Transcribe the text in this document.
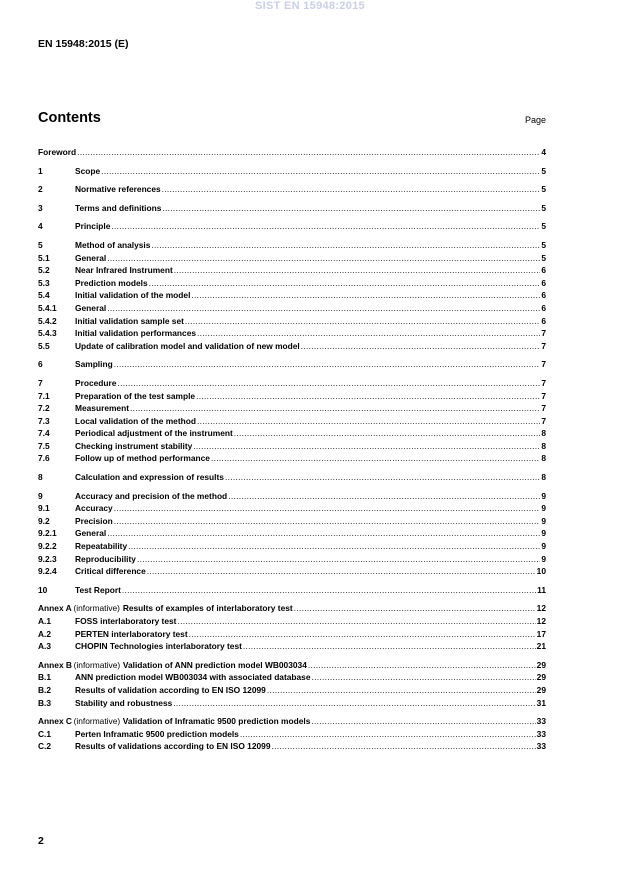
SIST EN 15948:2015
EN 15948:2015 (E)
Contents	Page
Foreword .....	4
1	Scope .....	5
2	Normative references .....	5
3	Terms and definitions .....	5
4	Principle .....	5
5	Method of analysis .....	5
5.1	General .....	5
5.2	Near Infrared Instrument .....	6
5.3	Prediction models .....	6
5.4	Initial validation of the model .....	6
5.4.1	General .....	6
5.4.2	Initial validation sample set .....	6
5.4.3	Initial validation performances .....	7
5.5	Update of calibration model and validation of new model .....	7
6	Sampling .....	7
7	Procedure .....	7
7.1	Preparation of the test sample .....	7
7.2	Measurement .....	7
7.3	Local validation of the method .....	7
7.4	Periodical adjustment of the instrument .....	8
7.5	Checking instrument stability .....	8
7.6	Follow up of method performance .....	8
8	Calculation and expression of results .....	8
9	Accuracy and precision of the method .....	9
9.1	Accuracy .....	9
9.2	Precision .....	9
9.2.1	General .....	9
9.2.2	Repeatability .....	9
9.2.3	Reproducibility .....	9
9.2.4	Critical difference .....	10
10	Test Report .....	11
Annex A (informative) Results of examples of interlaboratory test .....	12
A.1	FOSS interlaboratory test .....	12
A.2	PERTEN interlaboratory test .....	17
A.3	CHOPIN Technologies interlaboratory test .....	21
Annex B (informative) Validation of ANN prediction model WB003034 .....	29
B.1	ANN prediction model WB003034 with associated database .....	29
B.2	Results of validation according to EN ISO 12099 .....	29
B.3	Stability and robustness .....	31
Annex C (informative) Validation of Inframatic 9500 prediction models .....	33
C.1	Perten Inframatic 9500 prediction models .....	33
C.2	Results of validations according to EN ISO 12099 .....	33
2
